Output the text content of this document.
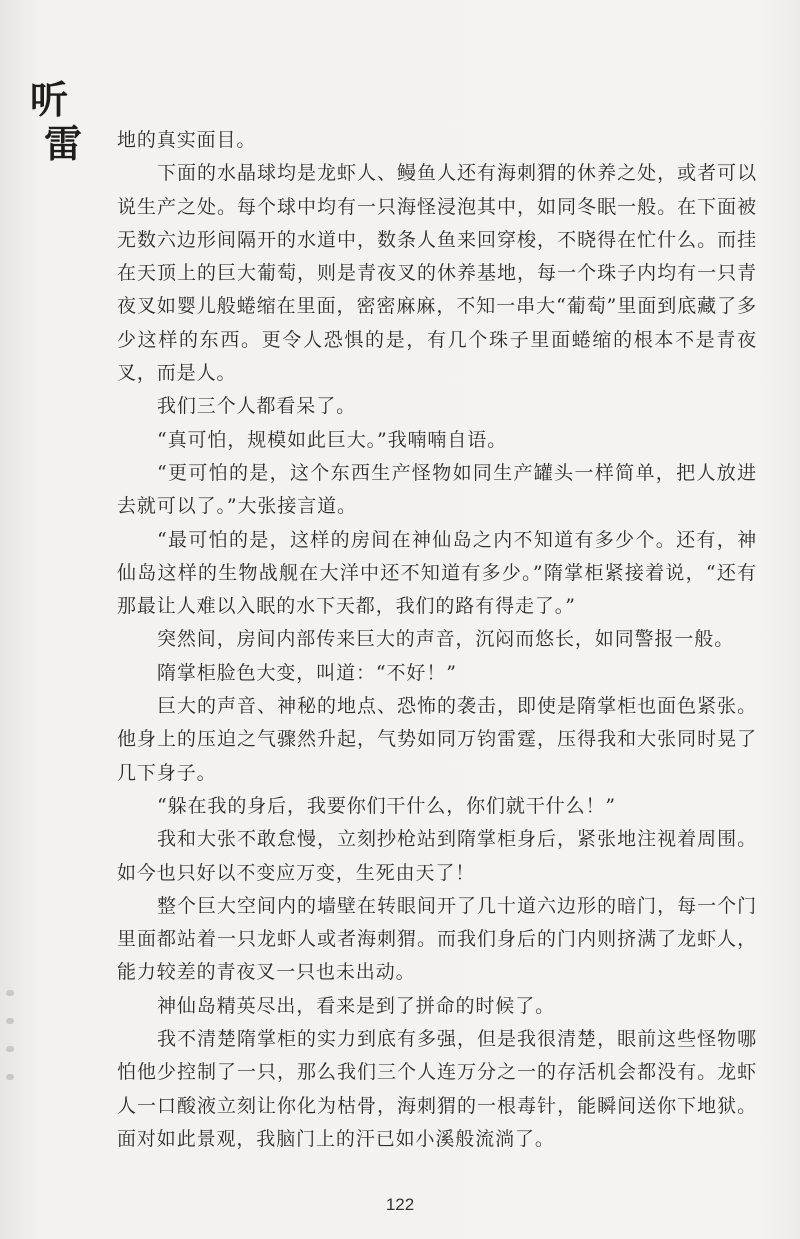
听
雷	地的真实面目。

下面的水晶球均是龙虾人、鳗鱼人还有海刺猬的休养之处，或者可以说生产之处。每个球中均有一只海怪浸泡其中，如同冬眠一般。在下面被无数六边形间隔开的水道中，数条人鱼来回穿梭，不晓得在忙什么。而挂在天顶上的巨大葡萄，则是青夜叉的休养基地，每一个珠子内均有一只青夜叉如婴儿般蜷缩在里面，密密麻麻，不知一串大“葡萄”里面到底藏了多少这样的东西。更令人恐惧的是，有几个珠子里面蜷缩的根本不是青夜叉，而是人。

我们三个人都看呆了。

“真可怕，规模如此巨大。”我喃喃自语。

“更可怕的是，这个东西生产怪物如同生产罐头一样简单，把人放进去就可以了。”大张接言道。

“最可怕的是，这样的房间在神仙岛之内不知道有多少个。还有，神仙岛这样的生物战舰在大洋中还不知道有多少。”隋掌柜紧接着说，“还有那最让人难以入眠的水下天都，我们的路有得走了。”

突然间，房间内部传来巨大的声音，沉闷而悠长，如同警报一般。

隋掌柜脸色大变，叫道：“不好！”

巨大的声音、神秘的地点、恐怖的袭击，即使是隋掌柜也面色紧张。他身上的压迫之气骤然升起，气势如同万钧雷霆，压得我和大张同时晃了几下身子。

“躲在我的身后，我要你们干什么，你们就干什么！”

我和大张不敢怠慢，立刻抄枪站到隋掌柜身后，紧张地注视着周围。如今也只好以不变应万变，生死由天了！

整个巨大空间内的墙壁在转眼间开了几十道六边形的暗门，每一个门里面都站着一只龙虾人或者海刺猬。而我们身后的门内则挤满了龙虾人，能力较差的青夜叉一只也未出动。

神仙岛精英尽出，看来是到了拼命的时候了。

我不清楚隋掌柜的实力到底有多强，但是我很清楚，眼前这些怪物哪怕他少控制了一只，那么我们三个人连万分之一的存活机会都没有。龙虾人一口酸液立刻让你化为枯骨，海刺猬的一根毒针，能瞬间送你下地狱。面对如此景观，我脑门上的汗已如小溪般流淌了。

122
